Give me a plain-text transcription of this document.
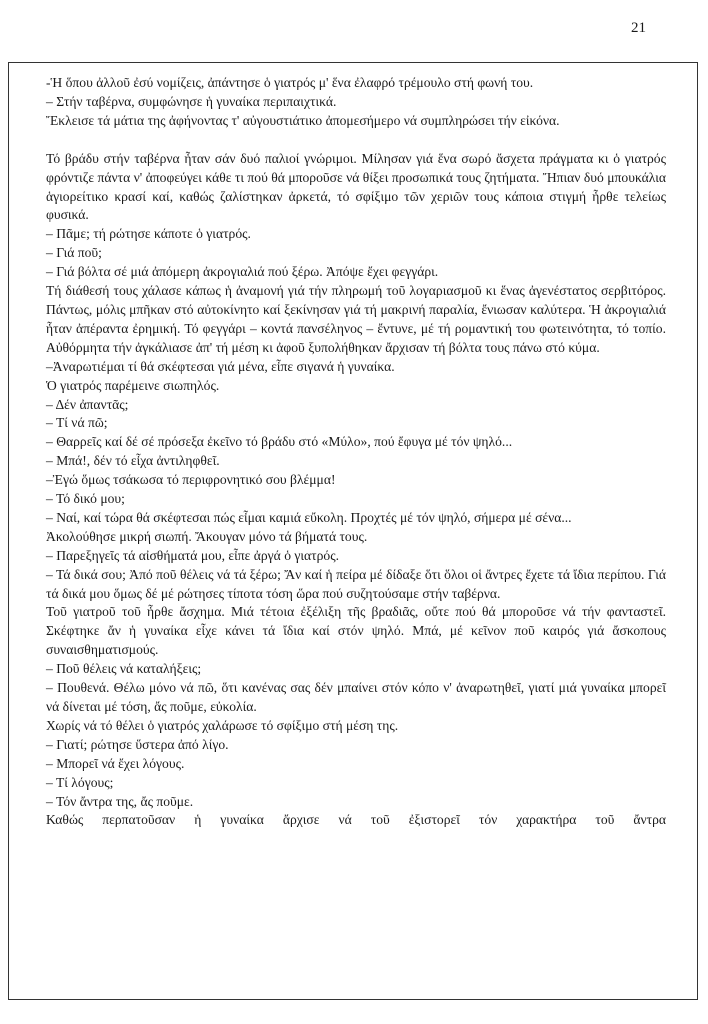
21

-Ἡ ὅπου ἀλλοῦ ἐσύ νομίζεις, ἀπάντησε ὁ γιατρός μ' ἕνα ἐλαφρό τρέμουλο στή φωνή του.

– Στήν ταβέρνα, συμφώνησε ἡ γυναίκα περιπαιχτικά.

Ἔκλεισε τά μάτια της ἀφήνοντας τ' αὐγουστιάτικο ἀπομεσήμερο νά συμπληρώσει τήν εἰκόνα.

Τό βράδυ στήν ταβέρνα ἦταν σάν δυό παλιοί γνώριμοι. Μίλησαν γιά ἕνα σωρό ἄσχετα πράγματα κι ὁ γιατρός φρόντιζε πάντα ν' ἀποφεύγει κάθε τι πού θά μποροῦσε νά θίξει προσωπικά τους ζητήματα. Ἤπιαν δυό μπουκάλια ἁγιορείτικο κρασί καί, καθώς ζαλίστηκαν ἀρκετά, τό σφίξιμο τῶν χεριῶν τους κάποια στιγμή ἦρθε τελείως φυσικά.

– Πᾶμε; τή ρώτησε κάποτε ὁ γιατρός.

– Γιά ποῦ;

– Γιά βόλτα σέ μιά ἀπόμερη ἀκρογιαλιά πού ξέρω. Ἀπόψε ἔχει φεγγάρι.

Τή διάθεσή τους χάλασε κάπως ἡ ἀναμονή γιά τήν πληρωμή τοῦ λογαριασμοῦ κι ἕνας ἀγενέστατος σερβιτόρος. Πάντως, μόλις μπῆκαν στό αὐτοκίνητο καί ξεκίνησαν γιά τή μακρινή παραλία, ἔνιωσαν καλύτερα. Ἡ ἀκρογιαλιά ἦταν ἀπέραντα ἐρημική. Τό φεγγάρι – κοντά πανσέληνος – ἔντυνε, μέ τή ρομαντική του φωτεινότητα, τό τοπίο. Αὐθόρμητα τήν ἀγκάλιασε ἀπ' τή μέση κι ἀφοῦ ξυπολήθηκαν ἄρχισαν τή βόλτα τους πάνω στό κύμα.

–Ἀναρωτιέμαι τί θά σκέφτεσαι γιά μένα, εἶπε σιγανά ἡ γυναίκα.

Ὁ γιατρός παρέμεινε σιωπηλός.

– Δέν ἀπαντᾶς;

– Τί νά πῶ;

– Θαρρεῖς καί δέ σέ πρόσεξα ἐκεῖνο τό βράδυ στό «Μύλο», πού ἔφυγα μέ τόν ψηλό...

– Μπά!, δέν τό εἶχα ἀντιληφθεῖ.

–Ἐγώ ὅμως τσάκωσα τό περιφρονητικό σου βλέμμα!

– Τό δικό μου;

– Ναί, καί τώρα θά σκέφτεσαι πώς εἶμαι καμιά εὔκολη. Προχτές μέ τόν ψηλό, σήμερα μέ σένα...

Ἀκολούθησε μικρή σιωπή. Ἄκουγαν μόνο τά βήματά τους.

– Παρεξηγεῖς τά αἰσθήματά μου, εἶπε ἀργά ὁ γιατρός.

– Τά δικά σου; Ἀπό ποῦ θέλεις νά τά ξέρω; Ἄν καί ἡ πείρα μέ δίδαξε ὅτι ὅλοι οἱ ἄντρες ἔχετε τά ἴδια περίπου. Γιά τά δικά μου ὅμως δέ μέ ρώτησες τίποτα τόση ὥρα πού συζητούσαμε στήν ταβέρνα.

Τοῦ γιατροῦ τοῦ ἦρθε ἄσχημα. Μιά τέτοια ἐξέλιξη τῆς βραδιᾶς, οὔτε πού θά μποροῦσε νά τήν φανταστεῖ. Σκέφτηκε ἄν ἡ γυναίκα εἶχε κάνει τά ἴδια καί στόν ψηλό. Μπά, μέ κεῖνον ποῦ καιρός γιά ἄσκοπους συναισθηματισμούς.

– Ποῦ θέλεις νά καταλήξεις;

– Πουθενά. Θέλω μόνο νά πῶ, ὅτι κανένας σας δέν μπαίνει στόν κόπο ν' ἀναρωτηθεῖ, γιατί μιά γυναίκα μπορεῖ νά δίνεται μέ τόση, ἄς ποῦμε, εὐκολία.

Χωρίς νά τό θέλει ὁ γιατρός χαλάρωσε τό σφίξιμο στή μέση της.

– Γιατί; ρώτησε ὕστερα ἀπό λίγο.

– Μπορεῖ νά ἔχει λόγους.

– Τί λόγους;

– Τόν ἄντρα της, ἄς ποῦμε.

Καθώς περπατοῦσαν ἡ γυναίκα ἄρχισε νά τοῦ ἐξιστορεῖ τόν χαρακτήρα τοῦ ἄντρα
